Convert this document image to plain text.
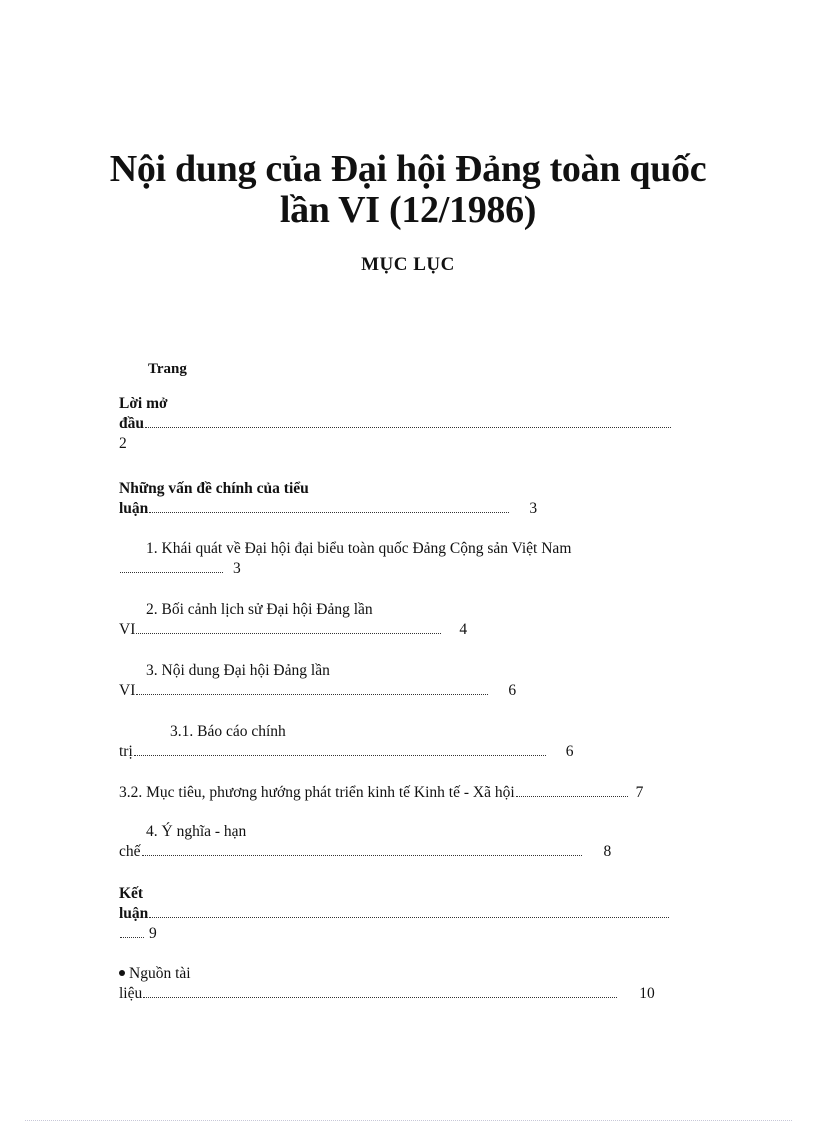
Nội dung của Đại hội Đảng toàn quốc
lần VI (12/1986)
MỤC LỤC
Trang
Lời mở
đầu
2
Những vấn đề chính của tiểu
luận	3
1. Khái quát về Đại hội đại biểu toàn quốc Đảng Cộng sản Việt Nam
3
2. Bối cảnh lịch sử Đại hội Đảng lần
VI	4
3. Nội dung Đại hội Đảng lần
VI	6
3.1. Báo cáo chính
trị	6
3.2. Mục tiêu, phương hướng phát triển kinh tế Kinh tế - Xã hội	7
4. Ý nghĩa - hạn
chế	8
Kết
luận
9
Nguồn tài
liệu	10
